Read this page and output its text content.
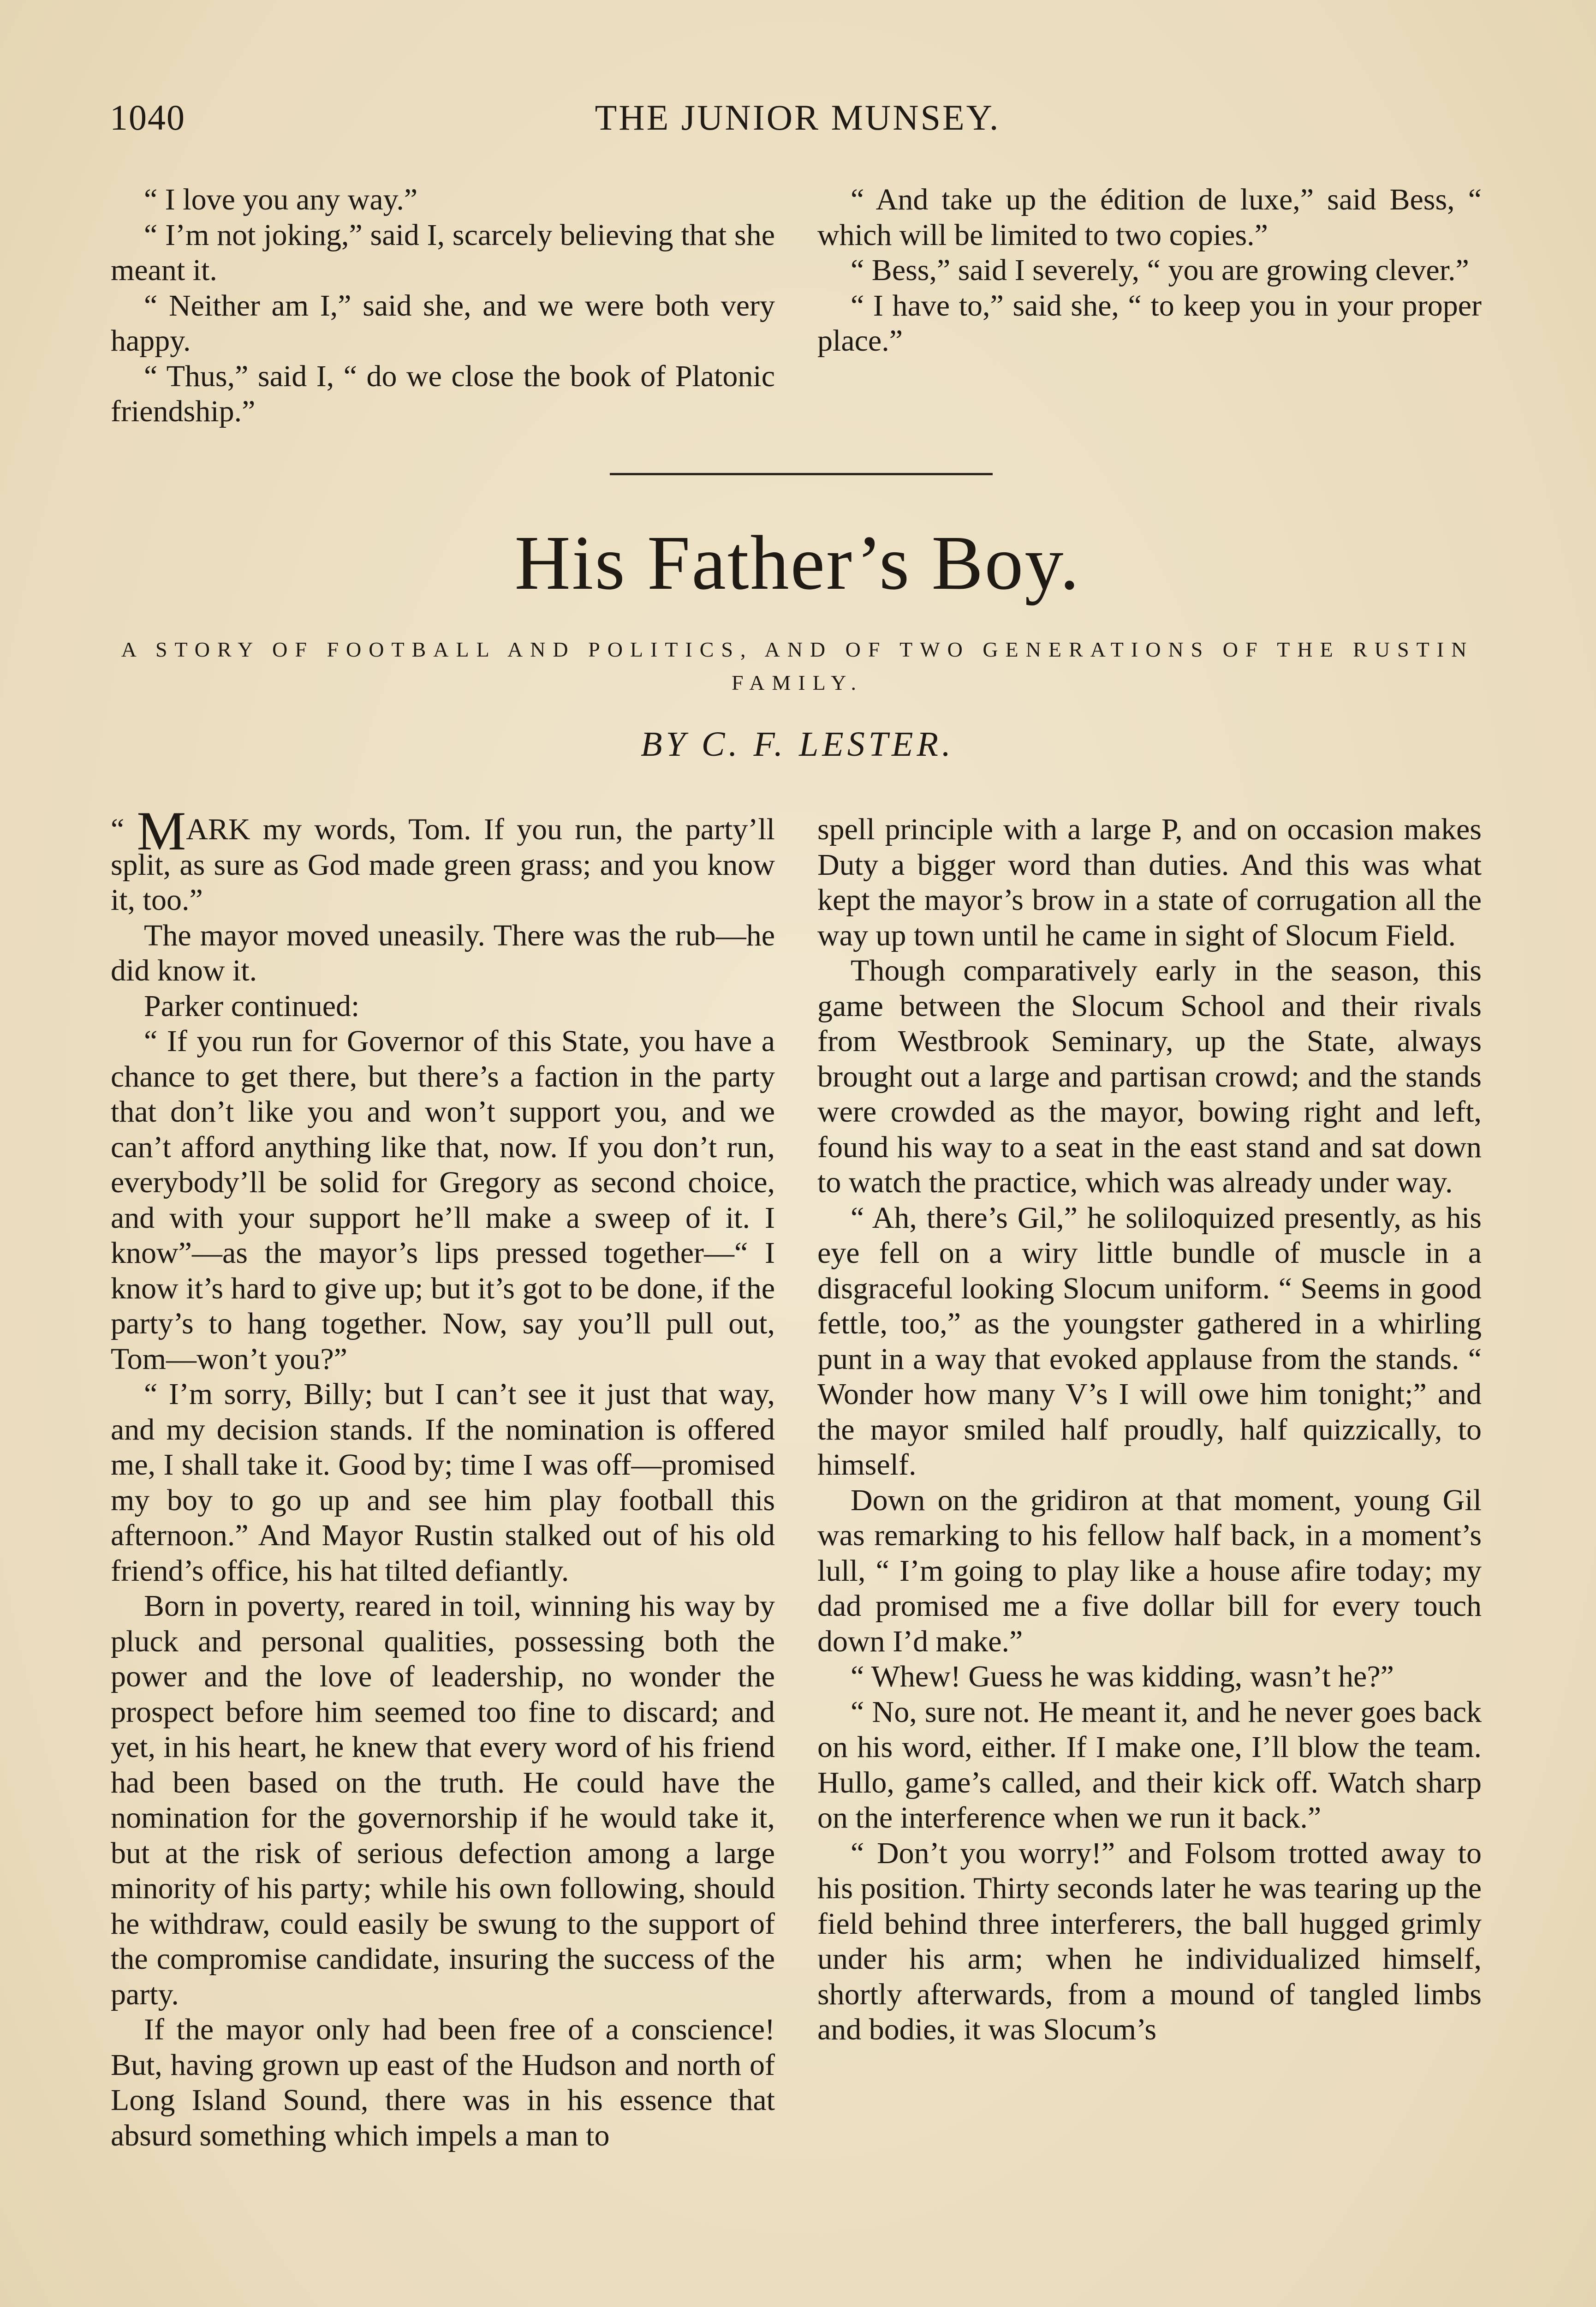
1040	THE JUNIOR MUNSEY.

“ I love you any way.”

“ I’m not joking,” said I, scarcely believing that she meant it.

“ Neither am I,” said she, and we were both very happy.

“ Thus,” said I, “ do we close the book of Platonic friendship.”

“ And take up the édition de luxe,” said Bess, “ which will be limited to two copies.”

“ Bess,” said I severely, “ you are growing clever.”

“ I have to,” said she, “ to keep you in your proper place.”

His Father’s Boy.
A STORY OF FOOTBALL AND POLITICS, AND OF TWO GENERATIONS OF THE RUSTIN FAMILY.
BY C. F. LESTER.

“ MARK my words, Tom. If you run, the party’ll split, as sure as God made green grass; and you know it, too.”

The mayor moved uneasily. There was the rub—he did know it.

Parker continued:

“ If you run for Governor of this State, you have a chance to get there, but there’s a faction in the party that don’t like you and won’t support you, and we can’t afford anything like that, now. If you don’t run, everybody’ll be solid for Gregory as second choice, and with your support he’ll make a sweep of it. I know”—as the mayor’s lips pressed together—“ I know it’s hard to give up; but it’s got to be done, if the party’s to hang together. Now, say you’ll pull out, Tom—won’t you?”

“ I’m sorry, Billy; but I can’t see it just that way, and my decision stands. If the nomination is offered me, I shall take it. Good by; time I was off—promised my boy to go up and see him play football this afternoon.” And Mayor Rustin stalked out of his old friend’s office, his hat tilted defiantly.

Born in poverty, reared in toil, winning his way by pluck and personal qualities, possessing both the power and the love of leadership, no wonder the prospect before him seemed too fine to discard; and yet, in his heart, he knew that every word of his friend had been based on the truth. He could have the nomination for the governorship if he would take it, but at the risk of serious defection among a large minority of his party; while his own following, should he withdraw, could easily be swung to the support of the compromise candidate, insuring the success of the party.

If the mayor only had been free of a conscience! But, having grown up east of the Hudson and north of Long Island Sound, there was in his essence that absurd something which impels a man to

spell principle with a large P, and on occasion makes Duty a bigger word than duties. And this was what kept the mayor’s brow in a state of corrugation all the way up town until he came in sight of Slocum Field.

Though comparatively early in the season, this game between the Slocum School and their rivals from Westbrook Seminary, up the State, always brought out a large and partisan crowd; and the stands were crowded as the mayor, bowing right and left, found his way to a seat in the east stand and sat down to watch the practice, which was already under way.

“ Ah, there’s Gil,” he soliloquized presently, as his eye fell on a wiry little bundle of muscle in a disgraceful looking Slocum uniform. “ Seems in good fettle, too,” as the youngster gathered in a whirling punt in a way that evoked applause from the stands. “ Wonder how many V’s I will owe him tonight;” and the mayor smiled half proudly, half quizzically, to himself.

Down on the gridiron at that moment, young Gil was remarking to his fellow half back, in a moment’s lull, “ I’m going to play like a house afire today; my dad promised me a five dollar bill for every touch down I’d make.”

“ Whew! Guess he was kidding, wasn’t he?”

“ No, sure not. He meant it, and he never goes back on his word, either. If I make one, I’ll blow the team. Hullo, game’s called, and their kick off. Watch sharp on the interference when we run it back.”

“ Don’t you worry!” and Folsom trotted away to his position. Thirty seconds later he was tearing up the field behind three interferers, the ball hugged grimly under his arm; when he individualized himself, shortly afterwards, from a mound of tangled limbs and bodies, it was Slocum’s
